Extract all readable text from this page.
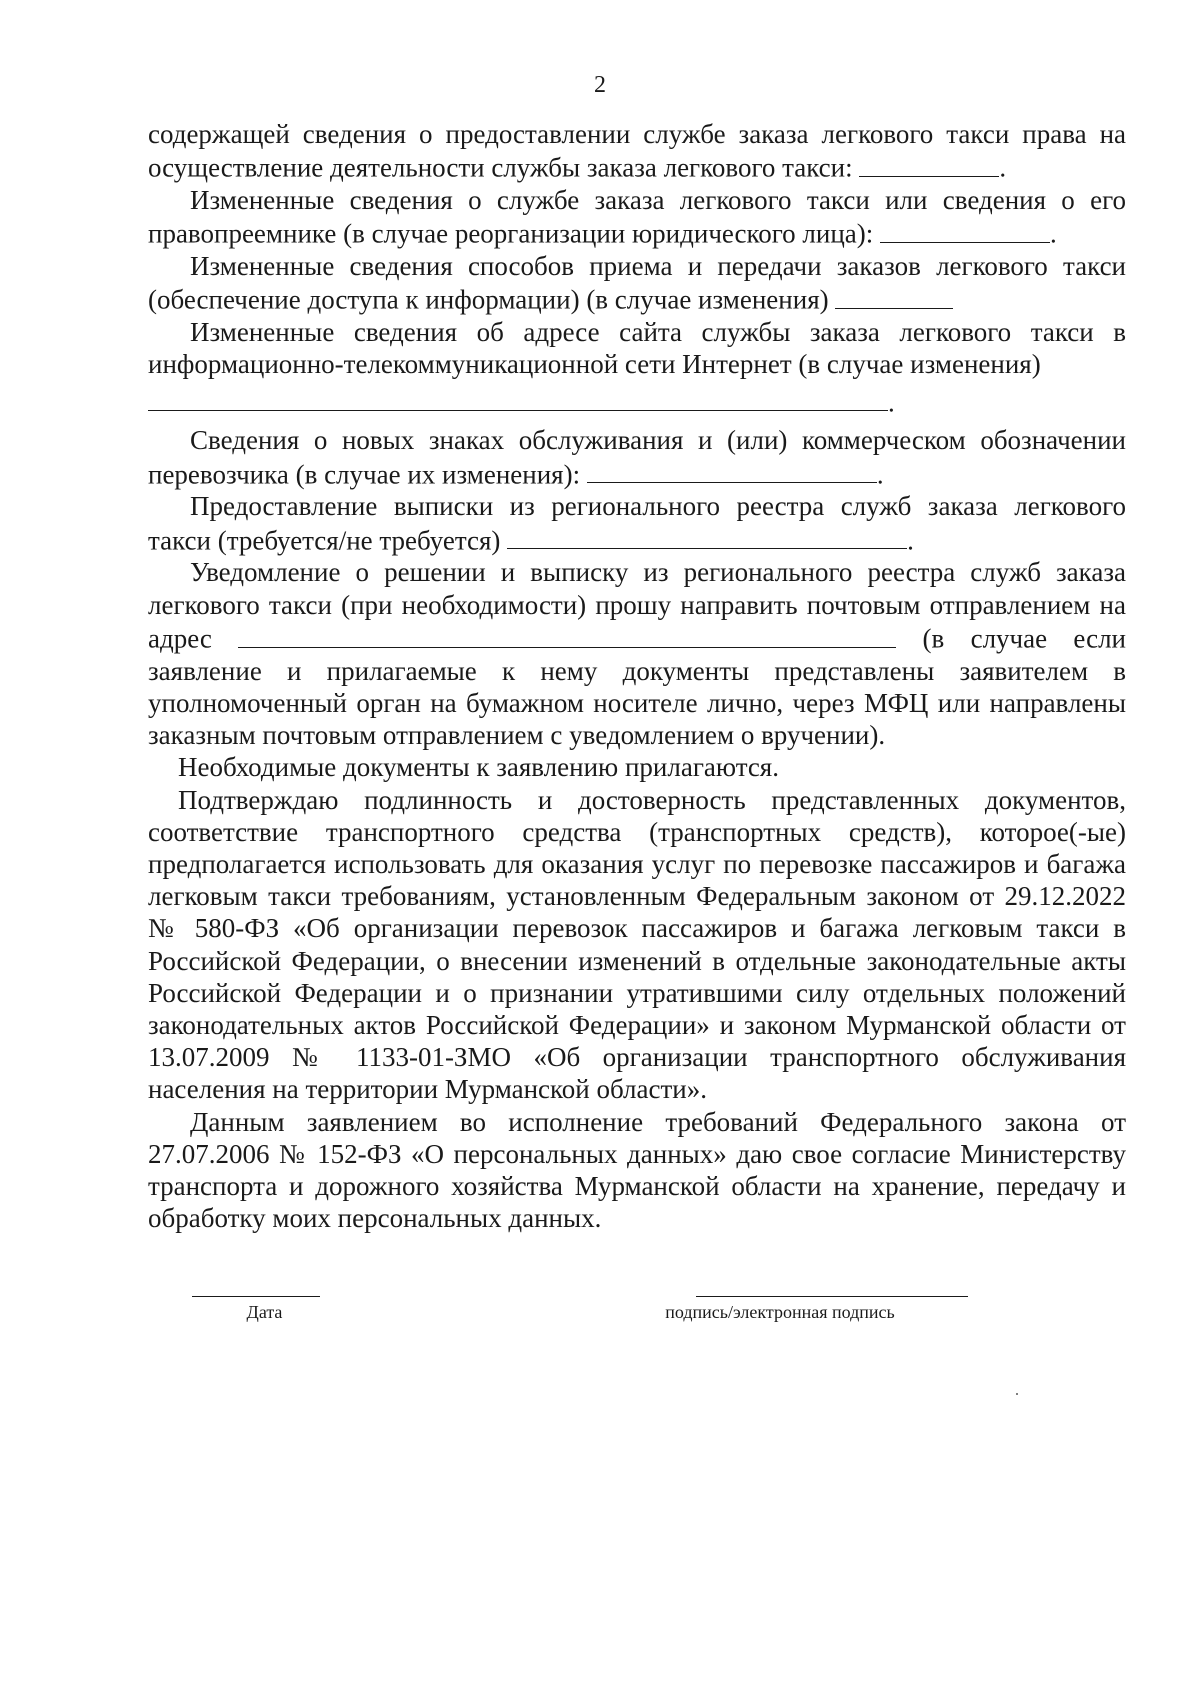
2

содержащей сведения о предоставлении службе заказа легкового такси права на осуществление деятельности службы заказа легкового такси:	.

Измененные сведения о службе заказа легкового такси или сведения о его правопреемнике (в случае реорганизации юридического лица):	.

Измененные сведения способов приема и передачи заказов легкового такси (обеспечение доступа к информации) (в случае изменения)

Измененные сведения об адресе сайта службы заказа легкового такси в информационно-телекоммуникационной сети Интернет (в случае изменения)

.

Сведения о новых знаках обслуживания и (или) коммерческом обозначении перевозчика (в случае их изменения):	.

Предоставление выписки из регионального реестра служб заказа легкового такси (требуется/не требуется)	.

Уведомление о решении и выписку из регионального реестра служб заказа легкового такси (при необходимости) прошу направить почтовым отправлением на адрес	(в случае если заявление и прилагаемые к нему документы представлены заявителем в уполномоченный орган на бумажном носителе лично, через МФЦ или направлены заказным почтовым отправлением с уведомлением о вручении).

Необходимые документы к заявлению прилагаются.

Подтверждаю подлинность и достоверность представленных документов, соответствие транспортного средства (транспортных средств), которое(-ые) предполагается использовать для оказания услуг по перевозке пассажиров и багажа легковым такси требованиям, установленным Федеральным законом от 29.12.2022 № 580-ФЗ «Об организации перевозок пассажиров и багажа легковым такси в Российской Федерации, о внесении изменений в отдельные законодательные акты Российской Федерации и о признании утратившими силу отдельных положений законодательных актов Российской Федерации» и законом Мурманской области от 13.07.2009 № 1133-01-ЗМО «Об организации транспортного обслуживания населения на территории Мурманской области».

Данным заявлением во исполнение требований Федерального закона от 27.07.2006 № 152-ФЗ «О персональных данных» даю свое согласие Министерству транспорта и дорожного хозяйства Мурманской области на хранение, передачу и обработку моих персональных данных.

Дата	подпись/электронная подпись
